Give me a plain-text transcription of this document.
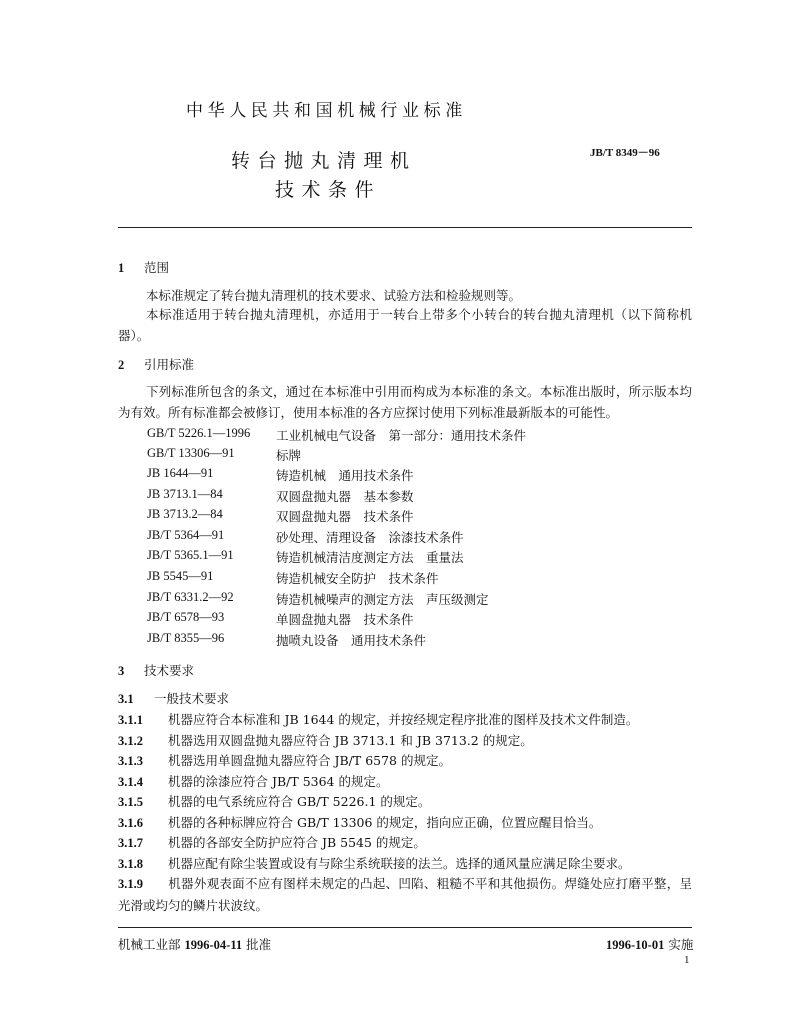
中华人民共和国机械行业标准
转台抛丸清理机
技术条件
JB/T 8349－96
1 范围
本标准规定了转台抛丸清理机的技术要求、试验方法和检验规则等。
本标准适用于转台抛丸清理机，亦适用于一转台上带多个小转台的转台抛丸清理机（以下简称机器）。
2 引用标准
下列标准所包含的条文，通过在本标准中引用而构成为本标准的条文。本标准出版时，所示版本均为有效。所有标准都会被修订，使用本标准的各方应探讨使用下列标准最新版本的可能性。
GB/T 5226.1—1996 工业机械电气设备　第一部分：通用技术条件
GB/T 13306—91	标牌
JB 1644—91	铸造机械　通用技术条件
JB 3713.1—84	双圆盘抛丸器　基本参数
JB 3713.2—84	双圆盘抛丸器　技术条件
JB/T 5364—91	砂处理、清理设备　涂漆技术条件
JB/T 5365.1—91	铸造机械清洁度测定方法　重量法
JB 5545—91	铸造机械安全防护　技术条件
JB/T 6331.2—92	铸造机械噪声的测定方法　声压级测定
JB/T 6578—93	单圆盘抛丸器　技术条件
JB/T 8355—96	抛喷丸设备　通用技术条件
3 技术要求
3.1 一般技术要求
3.1.1 机器应符合本标准和 JB 1644 的规定，并按经规定程序批准的图样及技术文件制造。
3.1.2 机器选用双圆盘抛丸器应符合 JB 3713.1 和 JB 3713.2 的规定。
3.1.3 机器选用单圆盘抛丸器应符合 JB/T 6578 的规定。
3.1.4 机器的涂漆应符合 JB/T 5364 的规定。
3.1.5 机器的电气系统应符合 GB/T 5226.1 的规定。
3.1.6 机器的各种标牌应符合 GB/T 13306 的规定，指向应正确，位置应醒目恰当。
3.1.7 机器的各部安全防护应符合 JB 5545 的规定。
3.1.8 机器应配有除尘装置或设有与除尘系统联接的法兰。选择的通风量应满足除尘要求。
3.1.9 机器外观表面不应有图样未规定的凸起、凹陷、粗糙不平和其他损伤。焊缝处应打磨平整，呈光滑或均匀的鳞片状波纹。
机械工业部 1996-04-11 批准	1996-10-01 实施
1
